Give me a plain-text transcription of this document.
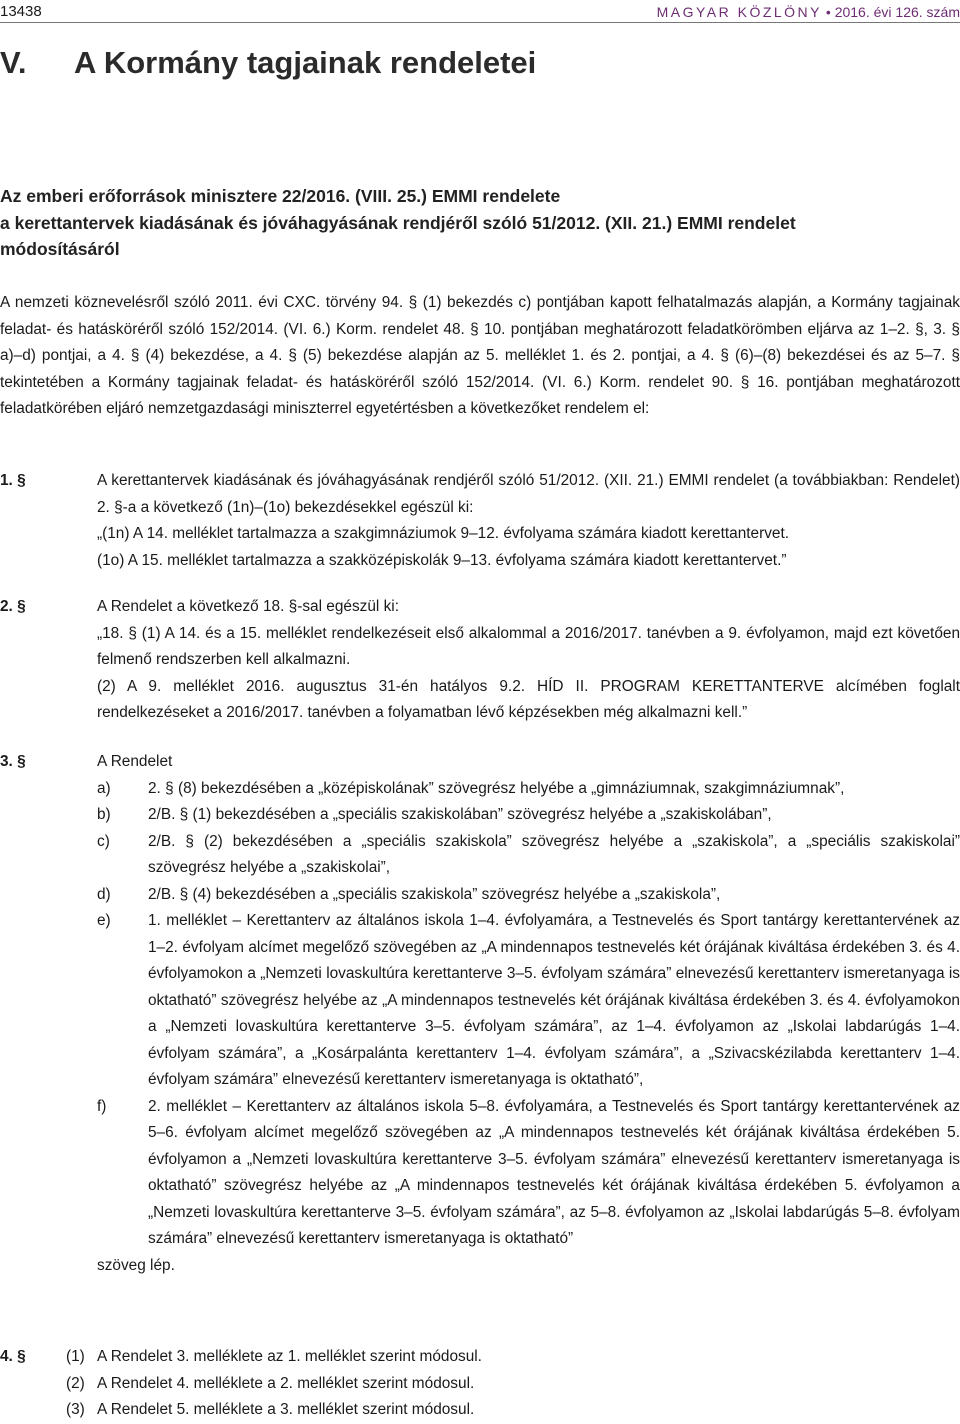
13438	MAGYAR KÖZLÖNY • 2016. évi 126. szám
V. A Kormány tagjainak rendeletei
Az emberi erőforrások minisztere 22/2016. (VIII. 25.) EMMI rendelete
a kerettantervek kiadásának és jóváhagyásának rendjéről szóló 51/2012. (XII. 21.) EMMI rendelet
módosításáról
A nemzeti köznevelésről szóló 2011. évi CXC. törvény 94. § (1) bekezdés c) pontjában kapott felhatalmazás alapján, a Kormány tagjainak feladat- és hatásköréről szóló 152/2014. (VI. 6.) Korm. rendelet 48. § 10. pontjában meghatározott feladatkörömben eljárva az 1–2. §, 3. § a)–d) pontjai, a 4. § (4) bekezdése, a 4. § (5) bekezdése alapján az 5. melléklet 1. és 2. pontjai, a 4. § (6)–(8) bekezdései és az 5–7. § tekintetében a Kormány tagjainak feladat- és hatásköréről szóló 152/2014. (VI. 6.) Korm. rendelet 90. § 16. pontjában meghatározott feladatkörében eljáró nemzetgazdasági miniszterrel egyetértésben a következőket rendelem el:
1. §	A kerettantervek kiadásának és jóváhagyásának rendjéről szóló 51/2012. (XII. 21.) EMMI rendelet (a továbbiakban: Rendelet) 2. §-a a következő (1n)–(1o) bekezdésekkel egészül ki:

„(1n) A 14. melléklet tartalmazza a szakgimnáziumok 9–12. évfolyama számára kiadott kerettantervet.

(1o) A 15. melléklet tartalmazza a szakközépiskolák 9–13. évfolyama számára kiadott kerettantervet.”

2. §	A Rendelet a következő 18. §-sal egészül ki:

„18. § (1) A 14. és a 15. melléklet rendelkezéseit első alkalommal a 2016/2017. tanévben a 9. évfolyamon, majd ezt követően felmenő rendszerben kell alkalmazni.

(2) A 9. melléklet 2016. augusztus 31-én hatályos 9.2. HÍD II. PROGRAM KERETTANTERVE alcímében foglalt rendelkezéseket a 2016/2017. tanévben a folyamatban lévő képzésekben még alkalmazni kell.”

3. §	A Rendelet

a) 2. § (8) bekezdésében a „középiskolának” szövegrész helyébe a „gimnáziumnak, szakgimnáziumnak”,
b) 2/B. § (1) bekezdésében a „speciális szakiskolában” szövegrész helyébe a „szakiskolában”,
c) 2/B. § (2) bekezdésében a „speciális szakiskola” szövegrész helyébe a „szakiskola”, a „speciális szakiskolai” szövegrész helyébe a „szakiskolai”,
d) 2/B. § (4) bekezdésében a „speciális szakiskola” szövegrész helyébe a „szakiskola”,
e) 1. melléklet – Kerettanterv az általános iskola 1–4. évfolyamára, a Testnevelés és Sport tantárgy kerettantervének az 1–2. évfolyam alcímet megelőző szövegében az „A mindennapos testnevelés két órájának kiváltása érdekében 3. és 4. évfolyamokon a „Nemzeti lovaskultúra kerettanterve 3–5. évfolyam számára” elnevezésű kerettanterv ismeretanyaga is oktatható” szövegrész helyébe az „A mindennapos testnevelés két órájának kiváltása érdekében 3. és 4. évfolyamokon a „Nemzeti lovaskultúra kerettanterve 3–5. évfolyam számára”, az 1–4. évfolyamon az „Iskolai labdarúgás 1–4. évfolyam számára”, a „Kosárpalánta kerettanterv 1–4. évfolyam számára”, a „Szivacskézilabda kerettanterv 1–4. évfolyam számára” elnevezésű kerettanterv ismeretanyaga is oktatható”,
f)	2. melléklet – Kerettanterv az általános iskola 5–8. évfolyamára, a Testnevelés és Sport tantárgy kerettantervének az 5–6. évfolyam alcímet megelőző szövegében az „A mindennapos testnevelés két órájának kiváltása érdekében 5. évfolyamon a „Nemzeti lovaskultúra kerettanterve 3–5. évfolyam számára” elnevezésű kerettanterv ismeretanyaga is oktatható” szövegrész helyébe az „A mindennapos testnevelés két órájának kiváltása érdekében 5. évfolyamon a „Nemzeti lovaskultúra kerettanterve 3–5. évfolyam számára”, az 5–8. évfolyamon az „Iskolai labdarúgás 5–8. évfolyam számára” elnevezésű kerettanterv ismeretanyaga is oktatható”

szöveg lép.

4. §	(1) A Rendelet 3. melléklete az 1. melléklet szerint módosul.
(2) A Rendelet 4. melléklete a 2. melléklet szerint módosul.
(3) A Rendelet 5. melléklete a 3. melléklet szerint módosul.
